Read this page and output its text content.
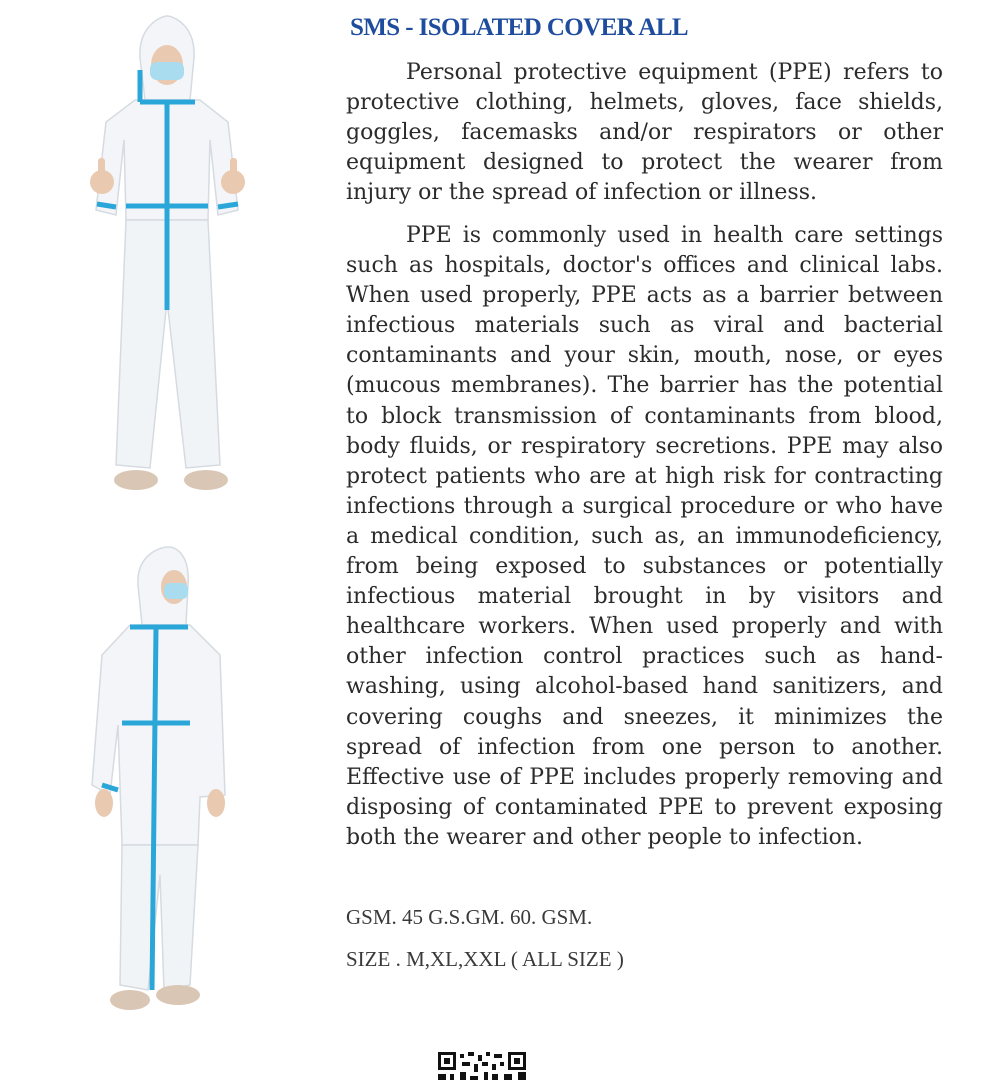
SMS - ISOLATED COVER ALL

Personal protective equipment (PPE) refers to protective clothing, helmets, gloves, face shields, goggles, facemasks and/or respirators or other equipment designed to protect the wearer from injury or the spread of infection or illness.

PPE is commonly used in health care settings such as hospitals, doctor's offices and clinical labs. When used properly, PPE acts as a barrier between infectious materials such as viral and bacterial contaminants and your skin, mouth, nose, or eyes (mucous membranes). The barrier has the potential to block transmission of contaminants from blood, body fluids, or respiratory secretions. PPE may also protect patients who are at high risk for contracting infections through a surgical procedure or who have a medical condition, such as, an immunodeficiency, from being exposed to substances or potentially infectious material brought in by visitors and healthcare workers. When used properly and with other infection control practices such as hand-washing, using alcohol-based hand sanitizers, and covering coughs and sneezes, it minimizes the spread of infection from one person to another. Effective use of PPE includes properly removing and disposing of contaminated PPE to prevent exposing both the wearer and other people to infection.

GSM. 45 G.S.GM. 60. GSM.
SIZE . M,XL,XXL ( ALL SIZE )
